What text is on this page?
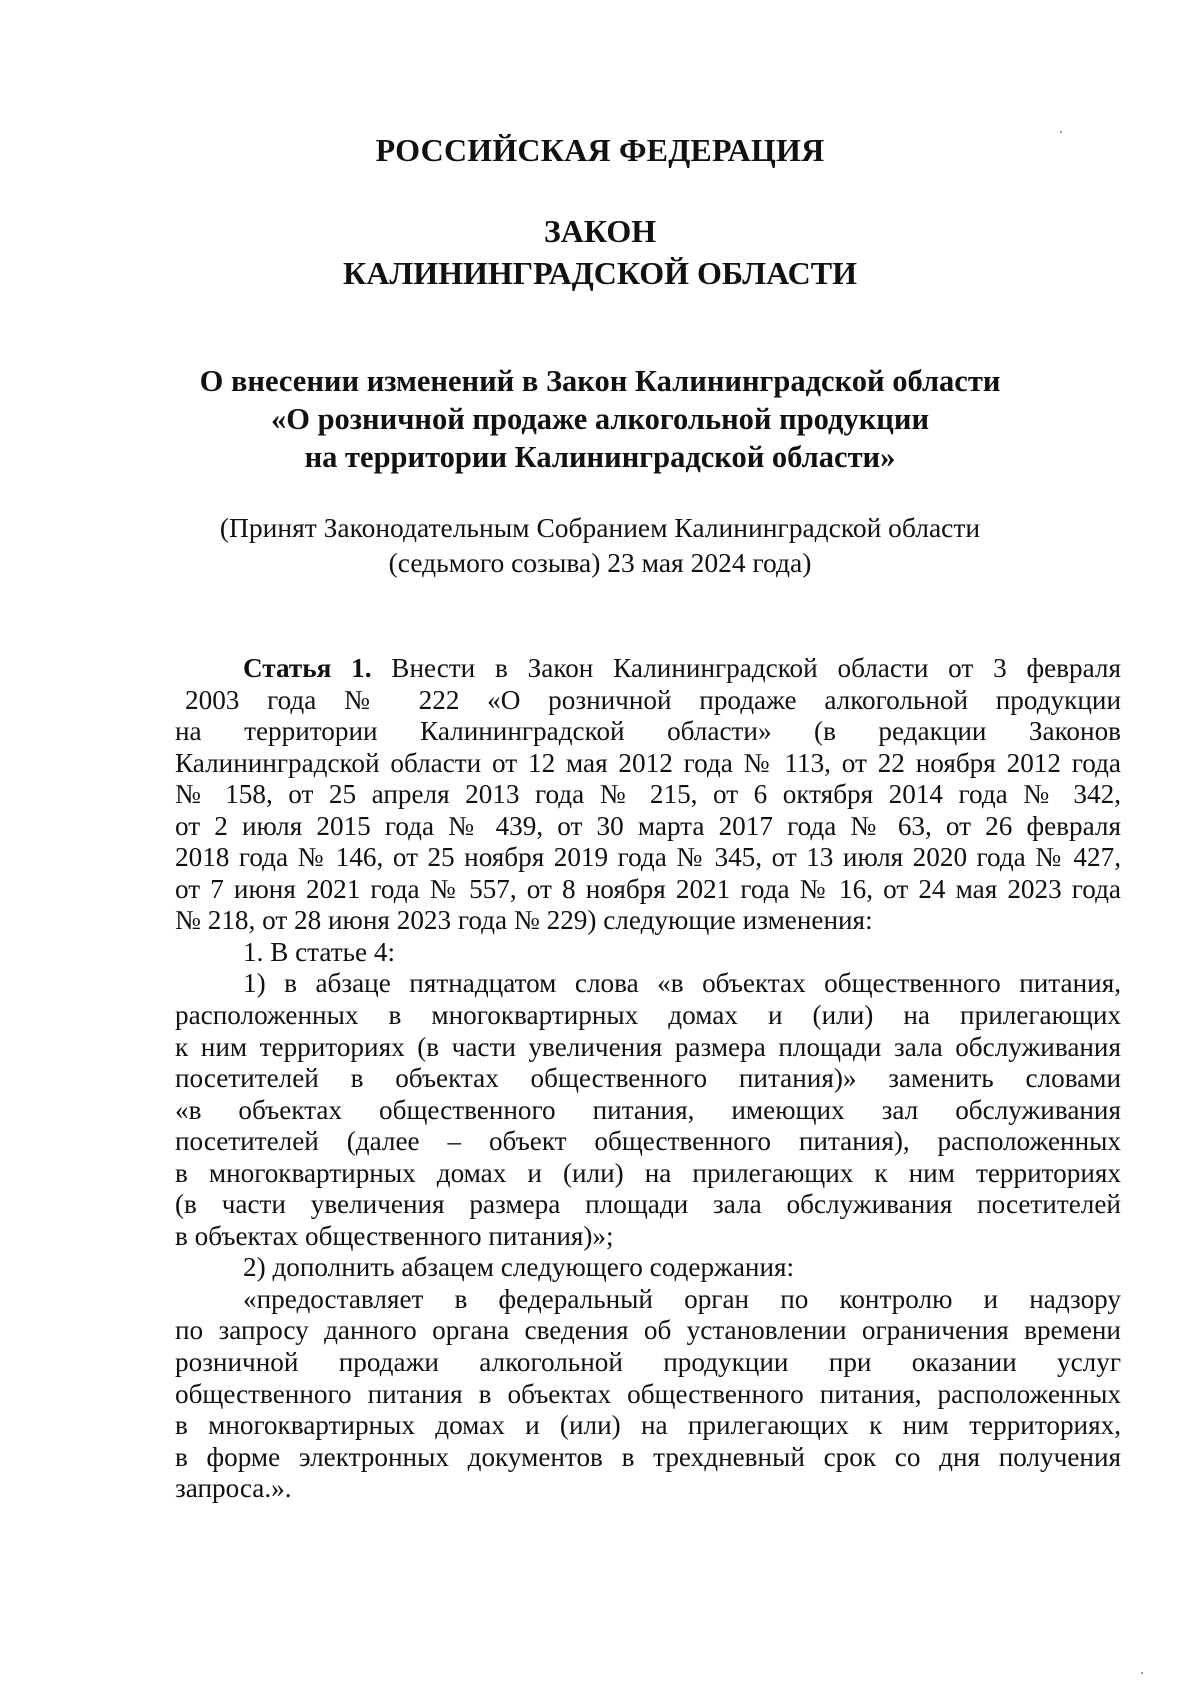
РОССИЙСКАЯ ФЕДЕРАЦИЯ
ЗАКОН
КАЛИНИНГРАДСКОЙ ОБЛАСТИ
О внесении изменений в Закон Калининградской области
«О розничной продаже алкогольной продукции
на территории Калининградской области»
(Принят Законодательным Собранием Калининградской области
(седьмого созыва) 23 мая 2024 года)
Статья 1. Внести в Закон Калининградской области от 3 февраля
2003 года № 222 «О розничной продаже алкогольной продукции
на территории Калининградской области» (в редакции Законов
Калининградской области от 12 мая 2012 года № 113, от 22 ноября 2012 года
№ 158, от 25 апреля 2013 года № 215, от 6 октября 2014 года № 342,
от 2 июля 2015 года № 439, от 30 марта 2017 года № 63, от 26 февраля
2018 года № 146, от 25 ноября 2019 года № 345, от 13 июля 2020 года № 427,
от 7 июня 2021 года № 557, от 8 ноября 2021 года № 16, от 24 мая 2023 года
№ 218, от 28 июня 2023 года № 229) следующие изменения:
1. В статье 4:
1) в абзаце пятнадцатом слова «в объектах общественного питания,
расположенных в многоквартирных домах и (или) на прилегающих
к ним территориях (в части увеличения размера площади зала обслуживания
посетителей в объектах общественного питания)» заменить словами
«в объектах общественного питания, имеющих зал обслуживания
посетителей (далее – объект общественного питания), расположенных
в многоквартирных домах и (или) на прилегающих к ним территориях
(в части увеличения размера площади зала обслуживания посетителей
в объектах общественного питания)»;
2) дополнить абзацем следующего содержания:
«предоставляет в федеральный орган по контролю и надзору
по запросу данного органа сведения об установлении ограничения времени
розничной продажи алкогольной продукции при оказании услуг
общественного питания в объектах общественного питания, расположенных
в многоквартирных домах и (или) на прилегающих к ним территориях,
в форме электронных документов в трехдневный срок со дня получения
запроса.».
